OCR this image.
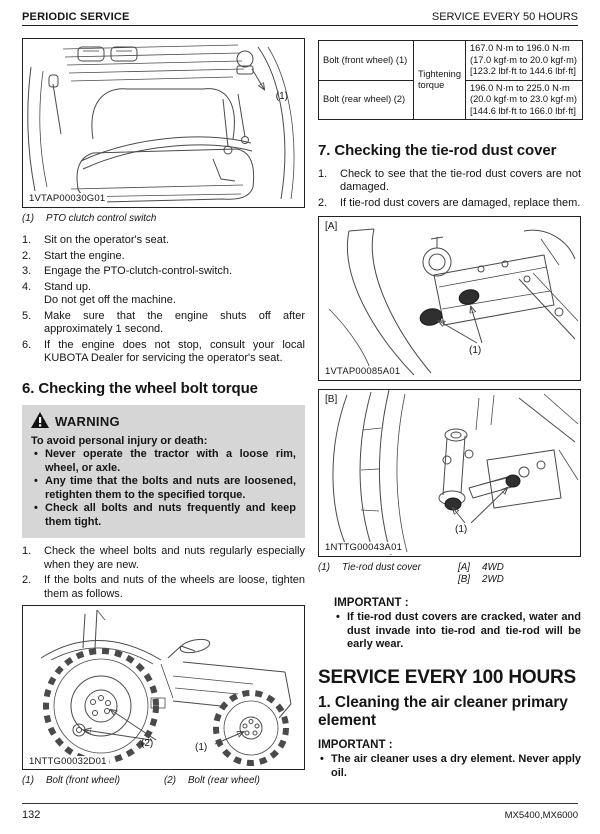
PERIODIC SERVICE	SERVICE EVERY 50 HOURS
(1)
1VTAP00030G01
(1)	PTO clutch control switch
1.	Sit on the operator's seat.
2.	Start the engine.
3.	Engage the PTO-clutch-control-switch.
4.	Stand up.
Do not get off the machine.
5.	Make sure that the engine shuts off after approximately 1 second.
6.	If the engine does not stop, consult your local KUBOTA Dealer for servicing the operator's seat.
6. Checking the wheel bolt torque
WARNING
To avoid personal injury or death:
• Never operate the tractor with a loose rim, wheel, or axle.
• Any time that the bolts and nuts are loosened, retighten them to the specified torque.
• Check all bolts and nuts frequently and keep them tight.
1.	Check the wheel bolts and nuts regularly especially when they are new.
2.	If the bolts and nuts of the wheels are loose, tighten them as follows.
(2)	(1)
1NTTG00032D01
(1)	Bolt (front wheel)	(2)	Bolt (rear wheel)
Bolt (front wheel) (1)	Tightening torque	167.0 N·m to 196.0 N·m
(17.0 kgf·m to 20.0 kgf·m)
[123.2 lbf·ft to 144.6 lbf·ft]

Bolt (rear wheel) (2)		196.0 N·m to 225.0 N·m
(20.0 kgf·m to 23.0 kgf·m)
[144.6 lbf·ft to 166.0 lbf·ft]
7. Checking the tie-rod dust cover
1.	Check to see that the tie-rod dust covers are not damaged.
2.	If tie-rod dust covers are damaged, replace them.
[A]
(1)
1VTAP00085A01
[B]
(1)
1NTTG00043A01
(1)	Tie-rod dust cover	[A]	4WD
[B]	2WD
IMPORTANT :
• If tie-rod dust covers are cracked, water and dust invade into tie-rod and tie-rod will be early wear.
SERVICE EVERY 100 HOURS
1. Cleaning the air cleaner primary element
IMPORTANT :
• The air cleaner uses a dry element. Never apply oil.
132	MX5400,MX6000
